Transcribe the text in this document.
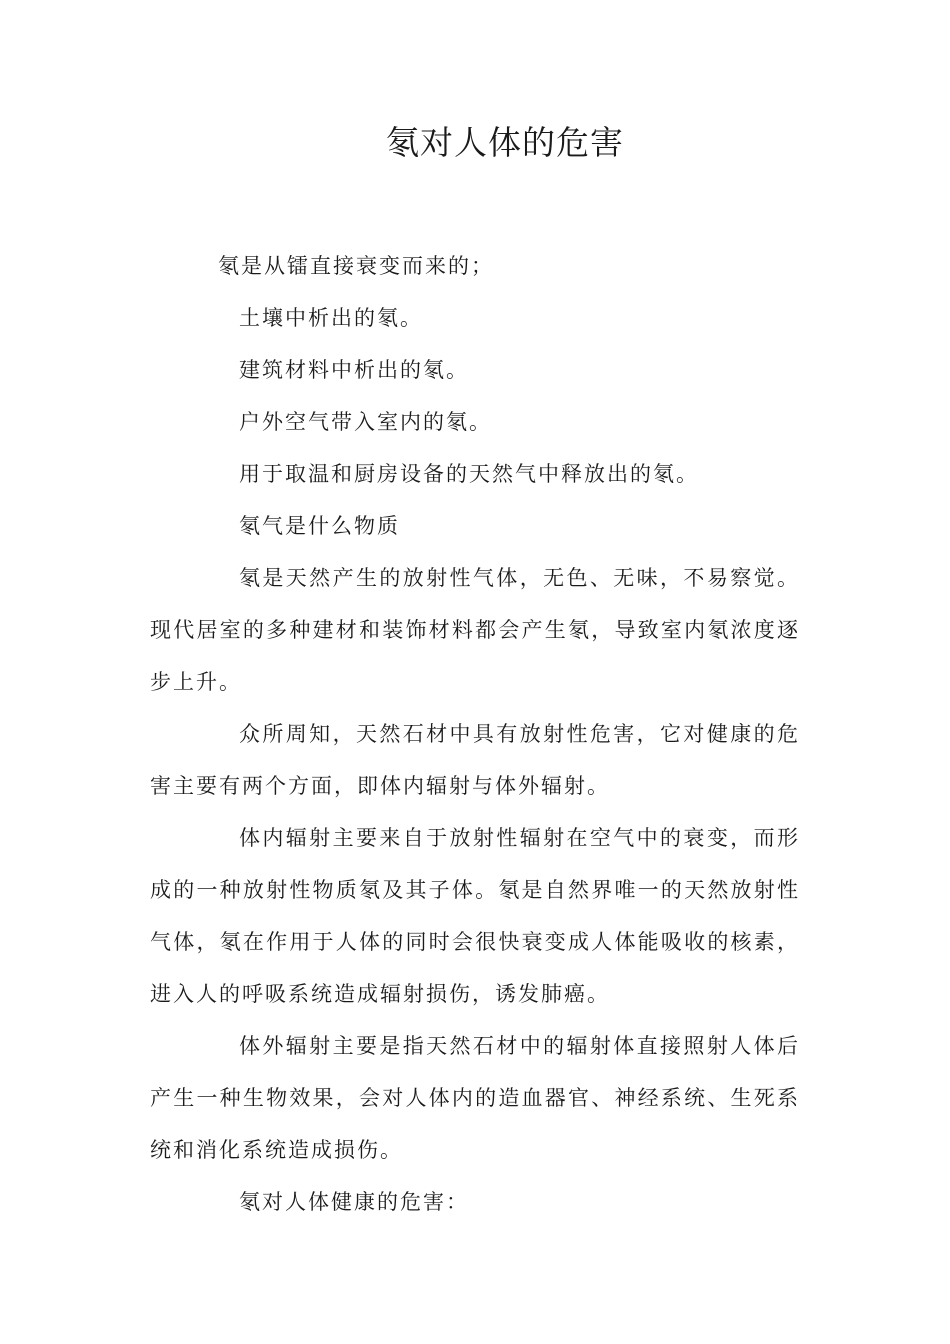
氡对人体的危害

氡是从镭直接衰变而来的；

土壤中析出的氡。

建筑材料中析出的氡。

户外空气带入室内的氡。

用于取温和厨房设备的天然气中释放出的氡。

氡气是什么物质

氡是天然产生的放射性气体，无色、无味，不易察觉。现代居室的多种建材和装饰材料都会产生氡，导致室内氡浓度逐步上升。

众所周知，天然石材中具有放射性危害，它对健康的危害主要有两个方面，即体内辐射与体外辐射。

体内辐射主要来自于放射性辐射在空气中的衰变，而形成的一种放射性物质氡及其子体。氡是自然界唯一的天然放射性气体，氡在作用于人体的同时会很快衰变成人体能吸收的核素，进入人的呼吸系统造成辐射损伤，诱发肺癌。

体外辐射主要是指天然石材中的辐射体直接照射人体后产生一种生物效果，会对人体内的造血器官、神经系统、生死系统和消化系统造成损伤。

氡对人体健康的危害：
